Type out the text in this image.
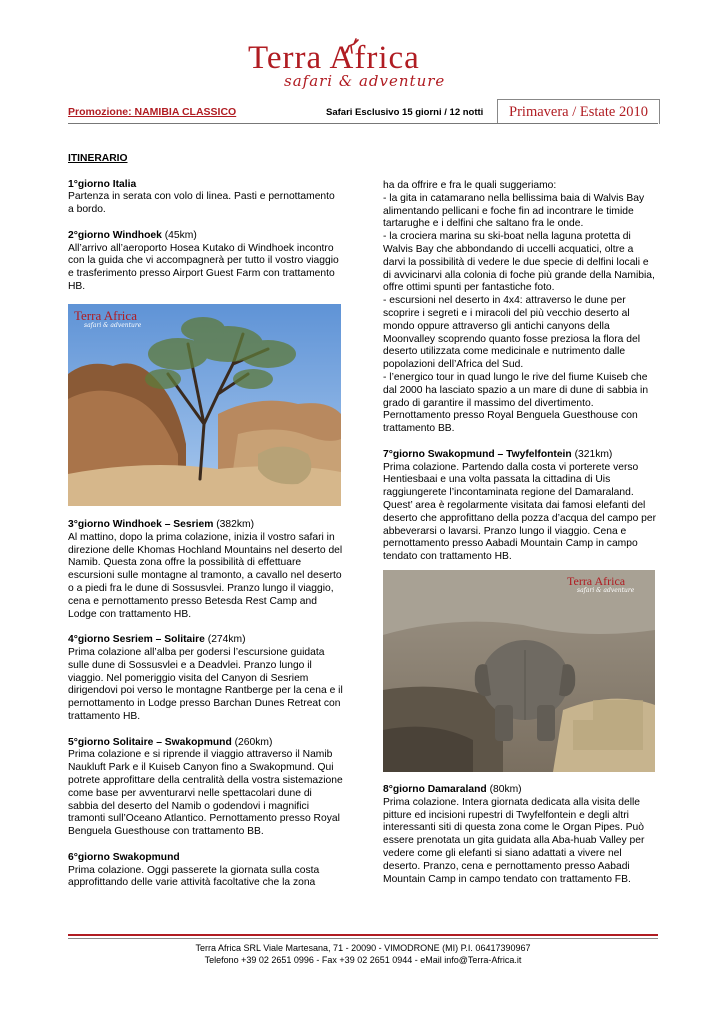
Terra Africa
safari & adventure
Promozione: NAMIBIA CLASSICO	Safari Esclusivo 15 giorni / 12 notti	Primavera / Estate 2010

ITINERARIO

1°giorno Italia
Partenza in serata con volo di linea. Pasti e pernottamento a bordo.

2°giorno Windhoek (45km)
All’arrivo all’aeroporto Hosea Kutako di Windhoek incontro con la guida che vi accompagnerà per tutto il vostro viaggio e trasferimento presso Airport Guest Farm con trattamento HB.

Terra Africa
safari & adventure

3°giorno Windhoek – Sesriem (382km)
Al mattino, dopo la prima colazione, inizia il vostro safari in direzione delle Khomas Hochland Mountains nel deserto del Namib. Questa zona offre la possibilità di effettuare escursioni sulle montagne al tramonto, a cavallo nel deserto o a piedi fra le dune di Sossusvlei. Pranzo lungo il viaggio, cena e pernottamento presso Betesda Rest Camp and Lodge con trattamento HB.

4°giorno Sesriem – Solitaire (274km)
Prima colazione all’alba per godersi l’escursione guidata sulle dune di Sossusvlei e a Deadvlei. Pranzo lungo il viaggio. Nel pomeriggio visita del Canyon di Sesriem dirigendovi poi verso le montagne Rantberge per la cena e il pernottamento in Lodge presso Barchan Dunes Retreat con trattamento HB.

5°giorno Solitaire – Swakopmund (260km)
Prima colazione e si riprende il viaggio attraverso il Namib Naukluft Park e il Kuiseb Canyon fino a Swakopmund. Qui potrete approfittare della centralità della vostra sistemazione come base per avventurarvi nelle spettacolari dune di sabbia del deserto del Namib o godendovi i magnifici tramonti sull’Oceano Atlantico. Pernottamento presso Royal Benguela Guesthouse con trattamento BB.

6°giorno Swakopmund
Prima colazione. Oggi passerete la giornata sulla costa approfittando delle varie attività facoltative che la zona

ha da offrire e fra le quali suggeriamo:
- la gita in catamarano nella bellissima baia di Walvis Bay alimentando pellicani e foche fin ad incontrare le timide tartarughe e i delfini che saltano fra le onde.
- la crociera marina su ski-boat nella laguna protetta di Walvis Bay che abbondando di uccelli acquatici, oltre a darvi la possibilità di vedere le due specie di delfini locali e di avvicinarvi alla colonia di foche più grande della Namibia, offre ottimi spunti per fantastiche foto.
- escursioni nel deserto in 4x4: attraverso le dune per scoprire i segreti e i miracoli del più vecchio deserto al mondo oppure attraverso gli antichi canyons della Moonvalley scoprendo quanto fosse preziosa la flora del deserto utilizzata come medicinale e nutrimento dalle popolazioni dell’Africa del Sud.
- l’energico tour in quad lungo le rive del fiume Kuiseb che dal 2000 ha lasciato spazio a un mare di dune di sabbia in grado di garantire il massimo del divertimento. Pernottamento presso Royal Benguela Guesthouse con trattamento BB.

7°giorno Swakopmund – Twyfelfontein (321km)
Prima colazione. Partendo dalla costa vi porterete verso Hentiesbaai e una volta passata la cittadina di Uis raggiungerete l’incontaminata regione del Damaraland. Quest’ area è regolarmente visitata dai famosi elefanti del deserto che approfittano della pozza d’acqua del campo per abbeverarsi o lavarsi. Pranzo lungo il viaggio. Cena e pernottamento presso Aabadi Mountain Camp in campo tendato con trattamento HB.

Terra Africa
safari & adventure

8°giorno Damaraland (80km)
Prima colazione. Intera giornata dedicata alla visita delle pitture ed incisioni rupestri di Twyfelfontein e degli altri interessanti siti di questa zona come le Organ Pipes. Può essere prenotata un gita guidata alla Aba-huab Valley per vedere come gli elefanti si siano adattati a vivere nel deserto. Pranzo, cena e pernottamento presso Aabadi Mountain Camp in campo tendato con trattamento FB.

Terra Africa SRL Viale Martesana, 71 - 20090 - VIMODRONE (MI) P.I. 06417390967
Telefono +39 02 2651 0996 - Fax +39 02 2651 0944 - eMail info@Terra-Africa.it
